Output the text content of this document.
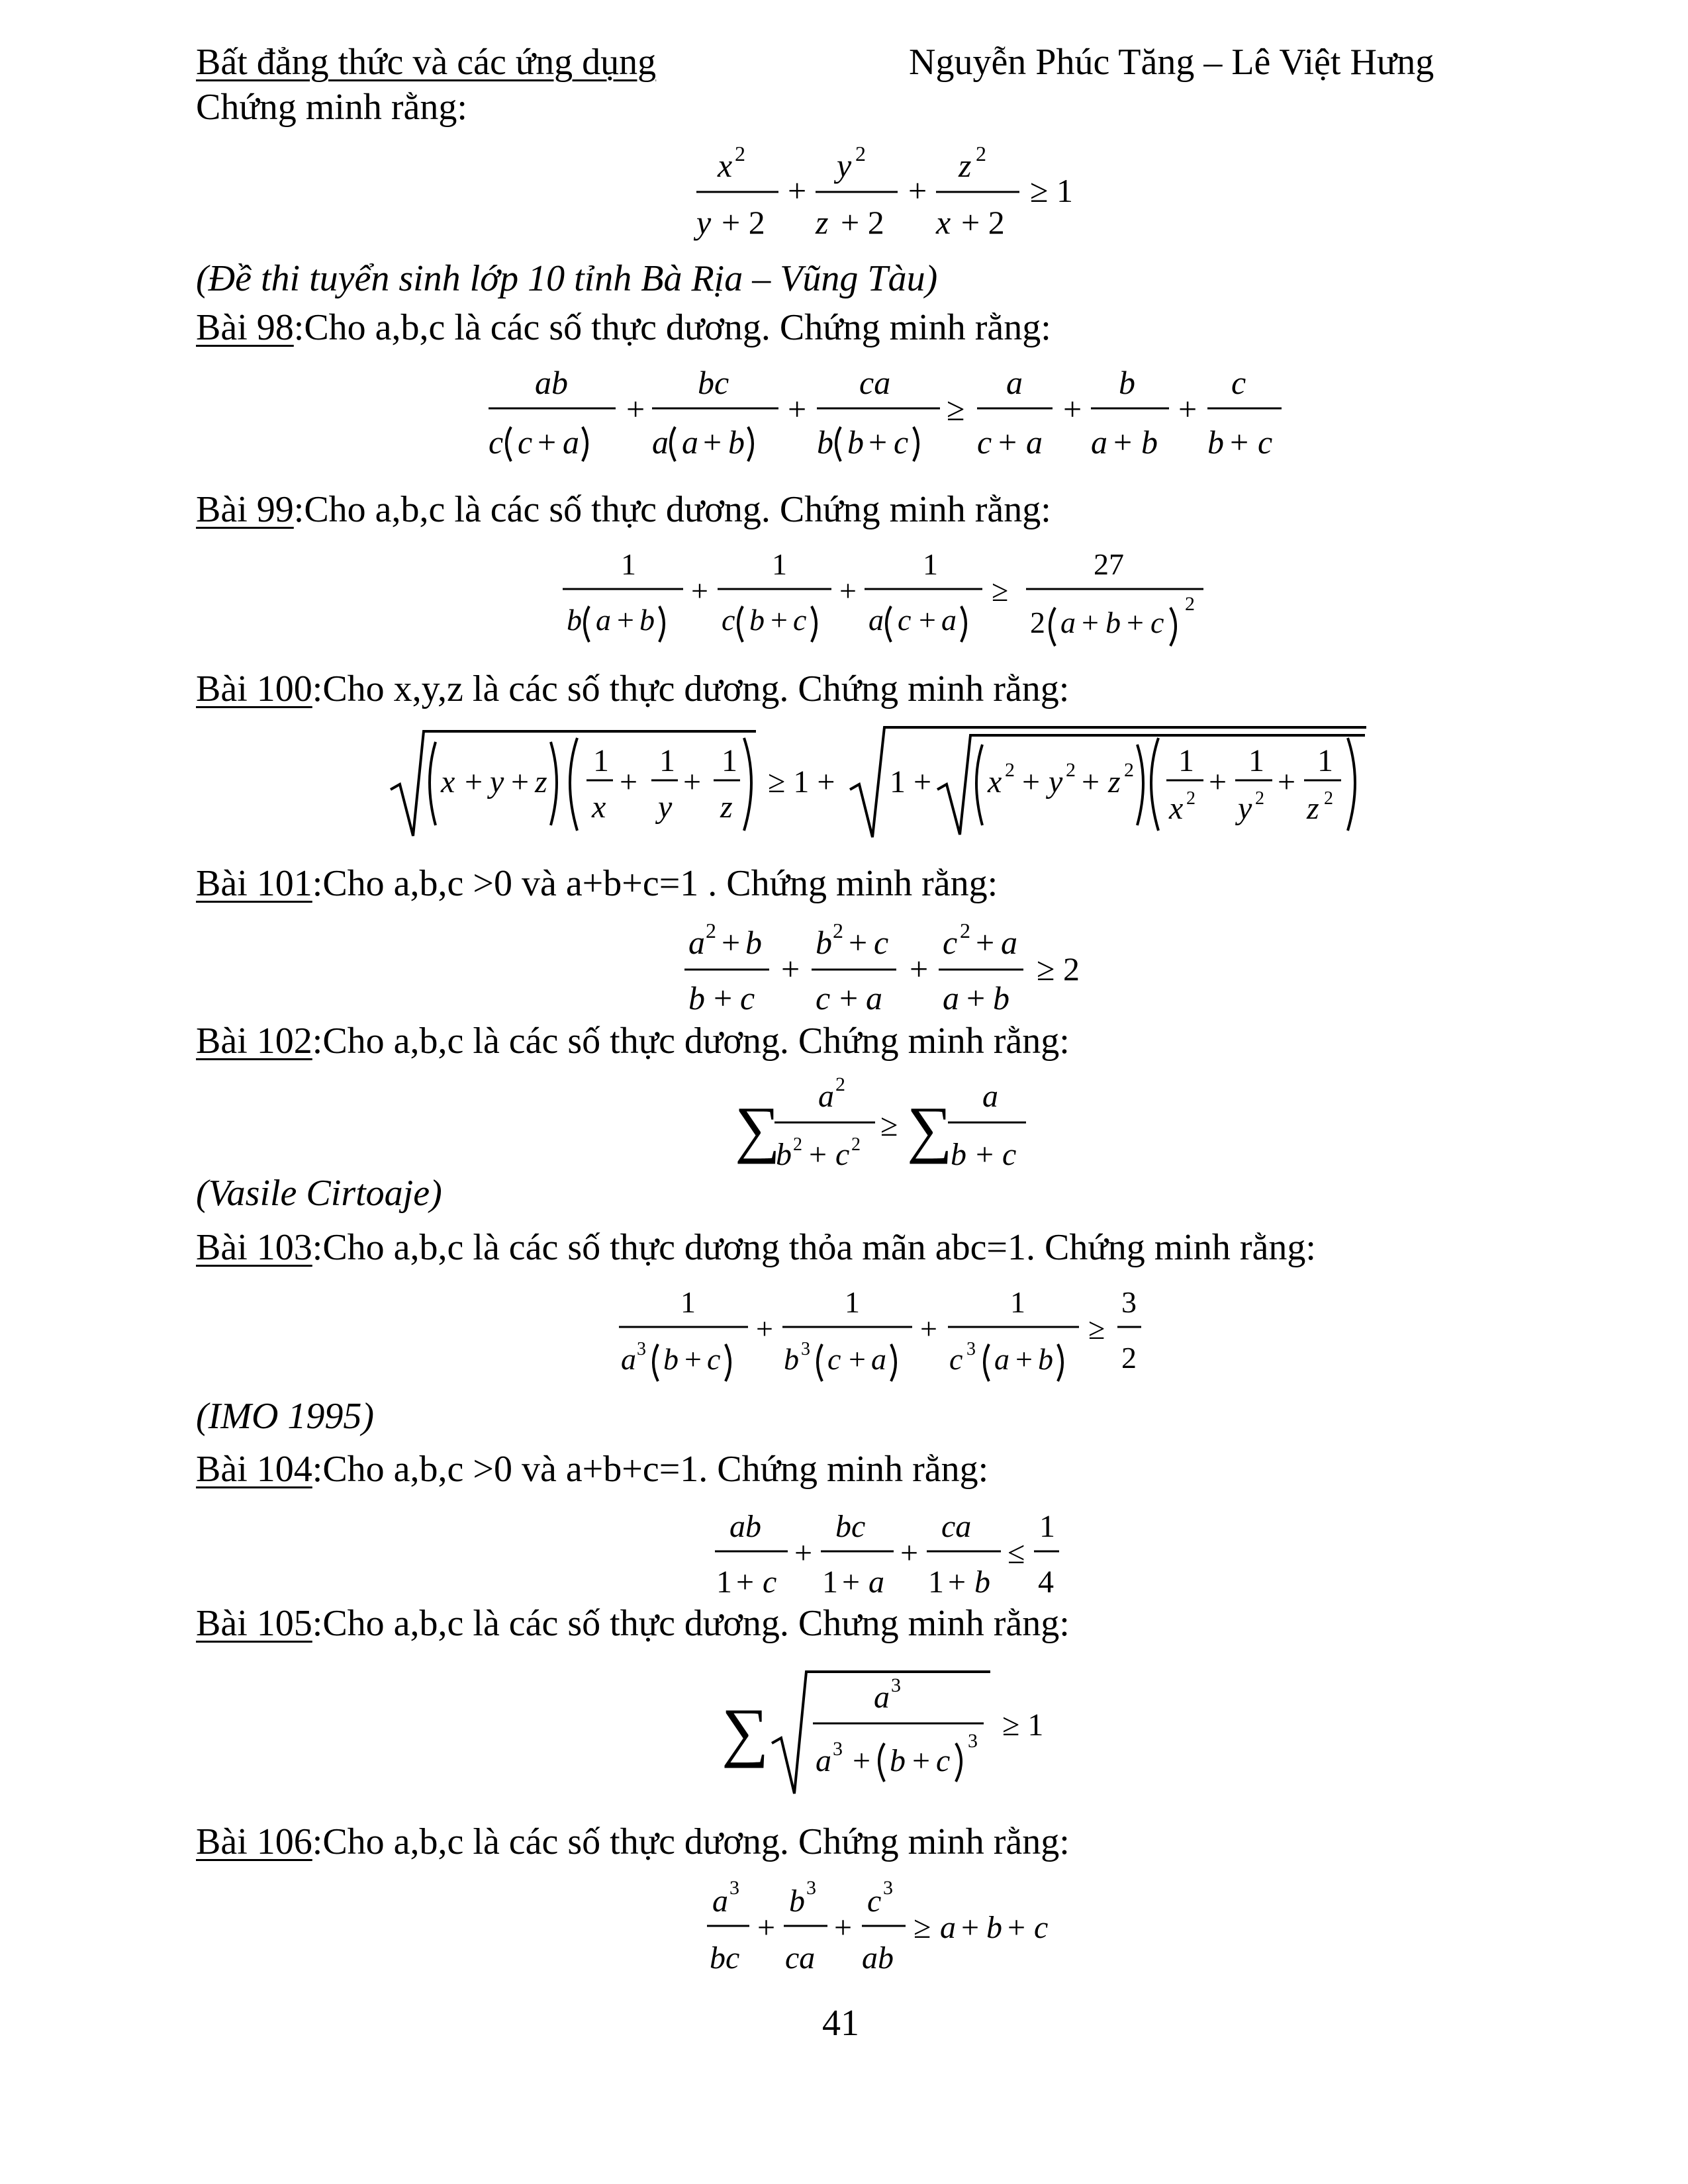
Bất đẳng thức và các ứng dụng	Nguyễn Phúc Tăng – Lê Việt Hưng
Chứng minh rằng:
x 2
y + 2
+
y 2
z + 2
+
z 2
x + 2
≥ 1
(Đề thi tuyển sinh lớp 10 tỉnh Bà Rịa – Vũng Tàu)
Bài 98:Cho a,b,c là các số thực dương. Chứng minh rằng:
ab
c c + a
+
bc
a a + b
+
ca
b b + c
≥
a
c + a
+
b
a + b
+
c
b + c
Bài 99:Cho a,b,c là các số thực dương. Chứng minh rằng:
1
b a + b
+
1
c b + c
+
1
a c + a
≥
27
2 a + b + c
2
Bài 100:Cho x,y,z là các số thực dương. Chứng minh rằng:
x + y + z
1
x
+
1
y
+
1
z
≥ 1 + 1 + x 2 + y 2 + z 2 1
x 2 +
1
y 2 +
1
z 2
Bài 101:Cho a,b,c >0 và a+b+c=1 . Chứng minh rằng:
a 2 + b
b + c
+
b 2 + c
c + a
+
c 2 + a
a + b
≥ 2
Bài 102:Cho a,b,c là các số thực dương. Chứng minh rằng:
∑ a 2
b 2 + c 2
≥ ∑ a
b + c
(Vasile Cirtoaje)
Bài 103:Cho a,b,c là các số thực dương thỏa mãn abc=1. Chứng minh rằng:
1
a 3 b + c
+
1
b 3 c + a
+
1
c 3 a + b
≥
3
2
(IMO 1995)
Bài 104:Cho a,b,c >0 và a+b+c=1. Chứng minh rằng:
ab
1 + c
+
bc
1 + a
+
ca
1 + b
≤
1
4
Bài 105:Cho a,b,c là các số thực dương. Chưng minh rằng:
∑	a 3
a 3 + b + c
3 ≥ 1
Bài 106:Cho a,b,c là các số thực dương. Chứng minh rằng:
a 3
bc
+
b 3
ca
+
c 3
ab
≥ a + b + c
41
